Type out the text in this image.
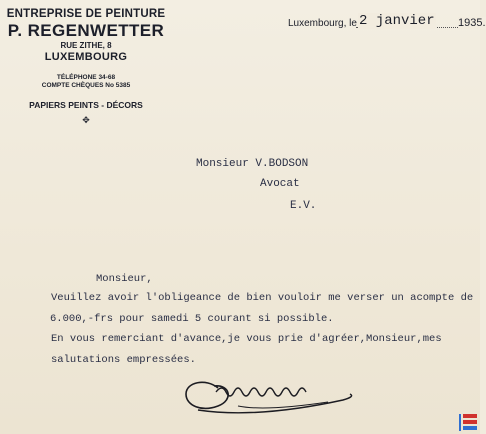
ENTREPRISE DE PEINTURE
P. REGENWETTER
RUE ZITHE, 8
LUXEMBOURG
TÉLÉPHONE 34-68
COMPTE CHÈQUES No 5385
PAPIERS PEINTS - DÉCORS
✥
Luxembourg, le 2 janvier 1935.
Monsieur V.BODSON
Avocat
E.V.
Monsieur,
Veuillez avoir l'obligeance de bien vouloir me verser un acompte de
6.000,-frs pour samedi 5 courant si possible.
En vous remerciant d'avance,je vous prie d'agréer,Monsieur,mes
salutations empressées.
